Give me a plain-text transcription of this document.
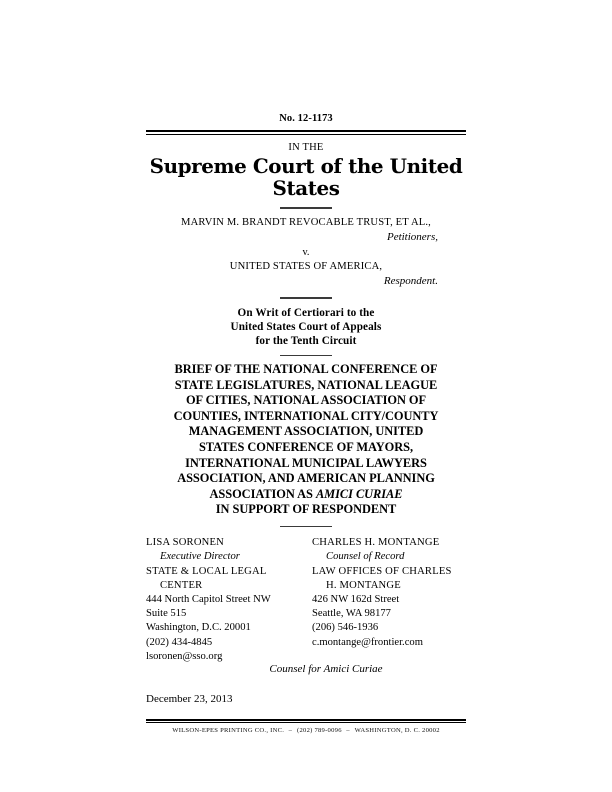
No. 12-1173
IN THE
Supreme Court of the United States
MARVIN M. BRANDT REVOCABLE TRUST, ET AL.,
Petitioners,
v.
UNITED STATES OF AMERICA,
Respondent.
On Writ of Certiorari to the
United States Court of Appeals
for the Tenth Circuit
BRIEF OF THE NATIONAL CONFERENCE OF
STATE LEGISLATURES, NATIONAL LEAGUE
OF CITIES, NATIONAL ASSOCIATION OF
COUNTIES, INTERNATIONAL CITY/COUNTY
MANAGEMENT ASSOCIATION, UNITED
STATES CONFERENCE OF MAYORS,
INTERNATIONAL MUNICIPAL LAWYERS
ASSOCIATION, AND AMERICAN PLANNING
ASSOCIATION AS AMICI CURIAE
IN SUPPORT OF RESPONDENT
LISA SORONEN
Executive Director
STATE & LOCAL LEGAL
CENTER
444 North Capitol Street NW
Suite 515
Washington, D.C. 20001
(202) 434-4845
lsoronen@sso.org
CHARLES H. MONTANGE
Counsel of Record
LAW OFFICES OF CHARLES
H. MONTANGE
426 NW 162d Street
Seattle, WA 98177
(206) 546-1936
c.montange@frontier.com
Counsel for Amici Curiae
December 23, 2013
WILSON-EPES PRINTING CO., INC.  –  (202) 789-0096  –  WASHINGTON, D. C. 20002
